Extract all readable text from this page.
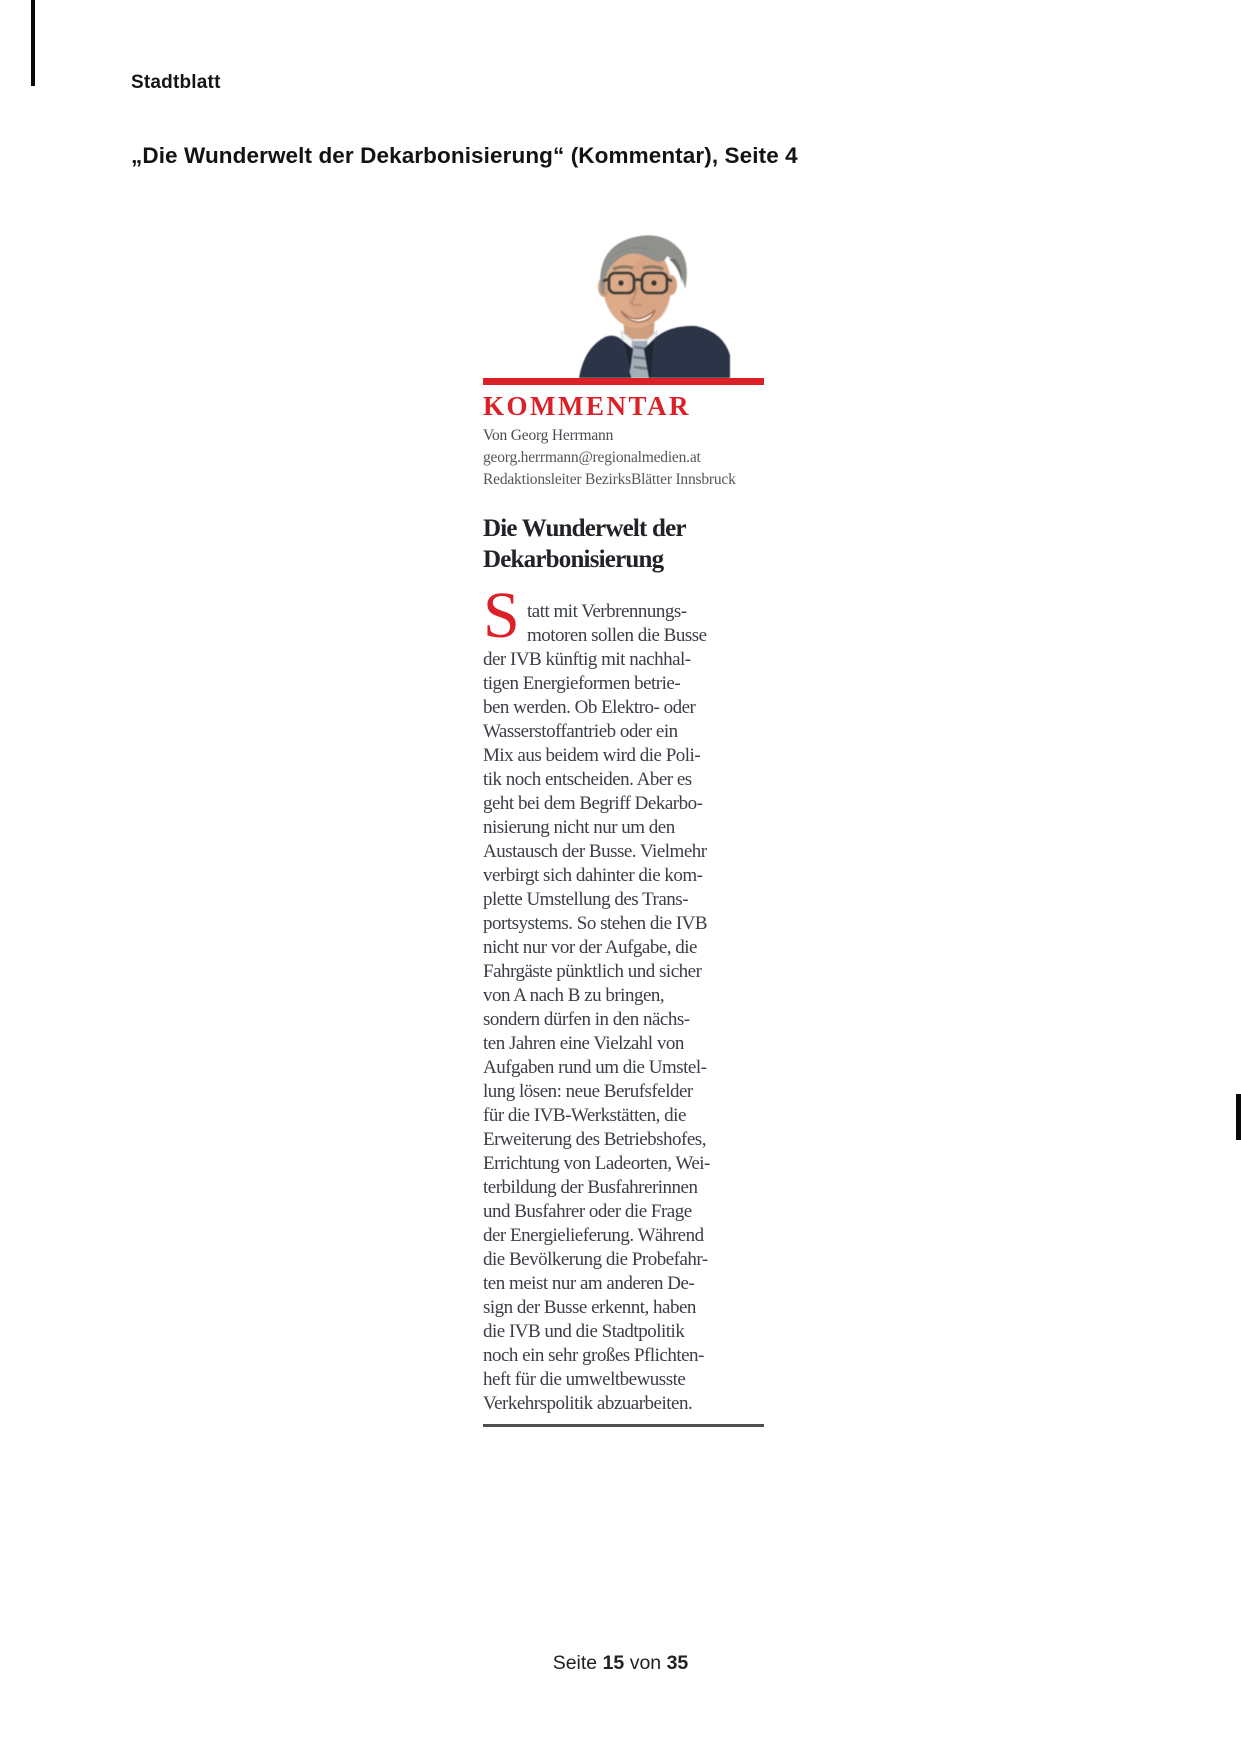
Stadtblatt
„Die Wunderwelt der Dekarbonisierung“ (Kommentar), Seite 4
KOMMENTAR
Von Georg Herrmann
georg.herrmann@regionalmedien.at
Redaktionsleiter BezirksBlätter Innsbruck
Die Wunderwelt der
Dekarbonisierung
S tatt mit Verbrennungs-
motoren sollen die Busse
der IVB künftig mit nachhal-
tigen Energieformen betrie-
ben werden. Ob Elektro- oder
Wasserstoffantrieb oder ein
Mix aus beidem wird die Poli-
tik noch entscheiden. Aber es
geht bei dem Begriff Dekarbo-
nisierung nicht nur um den
Austausch der Busse. Vielmehr
verbirgt sich dahinter die kom-
plette Umstellung des Trans-
portsystems. So stehen die IVB
nicht nur vor der Aufgabe, die
Fahrgäste pünktlich und sicher
von A nach B zu bringen,
sondern dürfen in den nächs-
ten Jahren eine Vielzahl von
Aufgaben rund um die Umstel-
lung lösen: neue Berufsfelder
für die IVB-Werkstätten, die
Erweiterung des Betriebshofes,
Errichtung von Ladeorten, Wei-
terbildung der Busfahrerinnen
und Busfahrer oder die Frage
der Energielieferung. Während
die Bevölkerung die Probefahr-
ten meist nur am anderen De-
sign der Busse erkennt, haben
die IVB und die Stadtpolitik
noch ein sehr großes Pflichten-
heft für die umweltbewusste
Verkehrspolitik abzuarbeiten.
Seite 15 von 35
